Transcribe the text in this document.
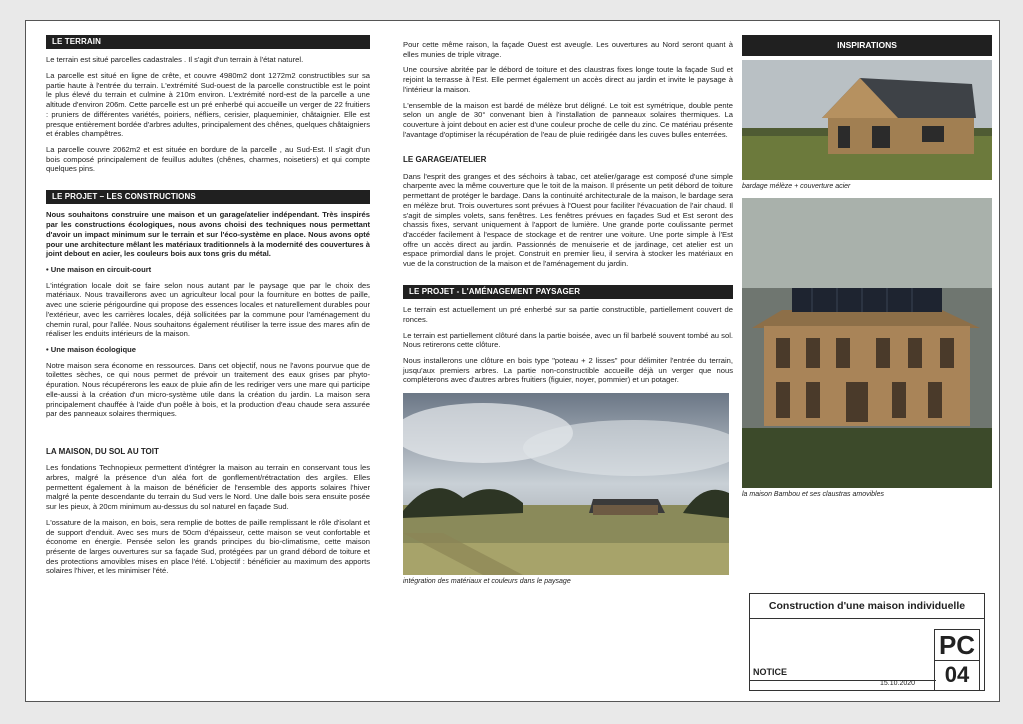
LE TERRAIN

Le terrain est situé parcelles cadastrales . Il s'agit d'un terrain à l'état naturel.

La parcelle est situé en ligne de crête, et couvre 4980m2 dont 1272m2 constructibles sur sa partie haute à l'entrée du terrain. L'extrémité Sud-ouest de la parcelle constructible est le point le plus élevé du terrain et culmine à 210m environ. L'extrémité nord-est de la parcelle a une altitude d'environ 206m. Cette parcelle est un pré enherbé qui accueille un verger de 22 fruitiers : pruniers de différentes variétés, poiriers, néfliers, cerisier, plaqueminier, châtaignier. Elle est presque entièrement bordée d'arbres adultes, principalement des chênes, quelques châtaigniers et érables champêtres.

La parcelle couvre 2062m2 et est située en bordure de la parcelle , au Sud-Est. Il s'agit d'un bois composé principalement de feuillus adultes (chênes, charmes, noisetiers) et qui compte quelques pins.

LE PROJET – LES CONSTRUCTIONS

Nous souhaitons construire une maison et un garage/atelier indépendant. Très inspirés par les constructions écologiques, nous avons choisi des techniques nous permettant d'avoir un impact minimum sur le terrain et sur l'éco-système en place. Nous avons opté pour une architecture mêlant les matériaux traditionnels à la modernité des couvertures à joint debout en acier, les couleurs bois aux tons gris du métal.

• Une maison en circuit-court

L'intégration locale doit se faire selon nous autant par le paysage que par le choix des matériaux. Nous travaillerons avec un agriculteur local pour la fourniture en bottes de paille, avec une scierie périgourdine qui propose des essences locales et naturellement durables pour l'extérieur, avec les carrières locales, déjà sollicitées par la commune pour l'aménagement du chemin rural, pour l'allée. Nous souhaitons également réutiliser la terre issue des mares afin de réaliser les enduits intérieurs de la maison.

• Une maison écologique

Notre maison sera économe en ressources. Dans cet objectif, nous ne l'avons pourvue que de toilettes sèches, ce qui nous permet de prévoir un traitement des eaux grises par phyto-épuration. Nous récupérerons les eaux de pluie afin de les rediriger vers une mare qui participe elle-aussi à la création d'un micro-système utile dans la création du jardin. La maison sera principalement chauffée à l'aide d'un poêle à bois, et la production d'eau chaude sera assurée par des panneaux solaires thermiques.

LA MAISON, DU SOL AU TOIT

Les fondations Technopieux permettent d'intégrer la maison au terrain en conservant tous les arbres, malgré la présence d'un aléa fort de gonflement/rétractation des argiles. Elles permettent également à la maison de bénéficier de l'ensemble des apports solaires l'hiver malgré la pente descendante du terrain du Sud vers le Nord. Une dalle bois sera ensuite posée sur les pieux, à 20cm minimum au-dessus du sol naturel en façade Sud.

L'ossature de la maison, en bois, sera remplie de bottes de paille remplissant le rôle d'isolant et de support d'enduit. Avec ses murs de 50cm d'épaisseur, cette maison se veut confortable et économe en énergie. Pensée selon les grands principes du bio-climatisme, cette maison présente de larges ouvertures sur sa façade Sud, protégées par un grand débord de toiture et des protections amovibles mises en place l'été. L'objectif : bénéficier au maximum des apports solaires l'hiver, et les minimiser l'été.

Pour cette même raison, la façade Ouest est aveugle. Les ouvertures au Nord seront quant à elles munies de triple vitrage.

Une coursive abritée par le débord de toiture et des claustras fixes longe toute la façade Sud et rejoint la terrasse à l'Est. Elle permet également un accès direct au jardin et invite le paysage à l'intérieur la maison.

L'ensemble de la maison est bardé de mélèze brut déligné. Le toit est symétrique, double pente selon un angle de 30° convenant bien à l'installation de panneaux solaires thermiques. La couverture à joint debout en acier est d'une couleur proche de celle du zinc. Ce matériau présente l'avantage d'optimiser la récupération de l'eau de pluie redirigée dans les cuves bulles enterrées.

LE GARAGE/ATELIER

Dans l'esprit des granges et des séchoirs à tabac, cet atelier/garage est composé d'une simple charpente avec la même couverture que le toit de la maison. Il présente un petit débord de toiture permettant de protéger le bardage. Dans la continuité architecturale de la maison, le bardage sera en mélèze brut. Trois ouvertures sont prévues à l'Ouest pour faciliter l'évacuation de l'air chaud. Il s'agit de simples volets, sans fenêtres. Les fenêtres prévues en façades Sud et Est seront des chassis fixes, servant uniquement à l'apport de lumière. Une grande porte coulissante permet d'accéder facilement à l'espace de stockage et de rentrer une voiture. Une porte simple à l'Est offre un accès direct au jardin. Passionnés de menuiserie et de jardinage, cet atelier est un espace primordial dans le projet. Construit en premier lieu, il servira à stocker les matériaux en vue de la construction de la maison et de l'aménagement du jardin.

LE PROJET - L'AMÉNAGEMENT PAYSAGER

Le terrain est actuellement un pré enherbé sur sa partie constructible, partiellement couvert de ronces.

Le terrain est partiellement clôturé dans la partie boisée, avec un fil barbelé souvent tombé au sol. Nous retirerons cette clôture.

Nous installerons une clôture en bois type "poteau + 2 lisses" pour délimiter l'entrée du terrain, jusqu'aux premiers arbres. La partie non-constructible accueille déjà un verger que nous compléterons avec d'autres arbres fruitiers (figuier, noyer, pommier) et un potager.

intégration des matériaux et couleurs dans le paysage
INSPIRATIONS
bardage mélèze + couverture acier
la maison Bambou et ses claustras amovibles
Construction d'une maison individuelle
PC
04
NOTICE
15.10.2020
